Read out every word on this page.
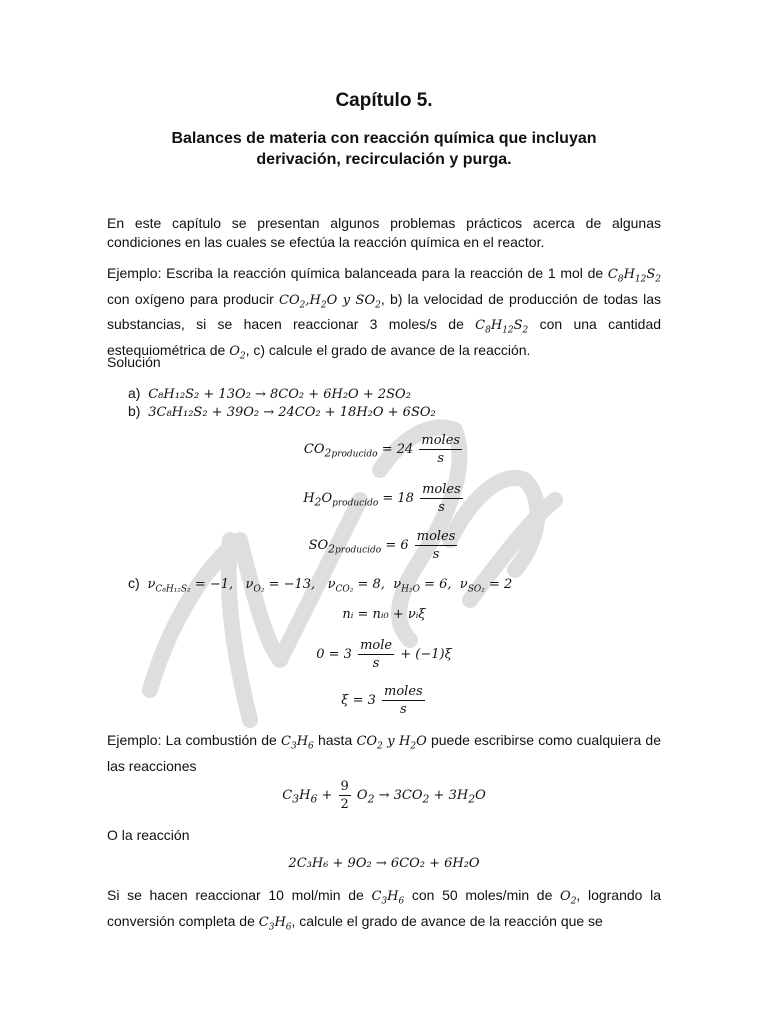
Capítulo 5.
Balances de materia con reacción química que incluyan
derivación, recirculación y purga.
En este capítulo se presentan algunos problemas prácticos acerca de algunas condiciones en las cuales se efectúa la reacción química en el reactor.
Ejemplo: Escriba la reacción química balanceada para la reacción de 1 mol de $C_8H_{12}S_2$ con oxígeno para producir $CO_2,H_2O$ y $SO_2$, b) la velocidad de producción de todas las substancias, si se hacen reaccionar 3 moles/s de $C_8H_{12}S_2$ con una cantidad estequiométrica de $O_2$, c) calcule el grado de avance de la reacción.
Solución
a) C₈H₁₂S₂ + 13O₂ → 8CO₂ + 6H₂O + 2SO₂
b) 3C₈H₁₂S₂ + 39O₂ → 24CO₂ + 18H₂O + 6SO₂
$CO_{2producido} = 24 \frac{\text{moles}}{s}$
$H_2O_{producido} = 18 \frac{\text{moles}}{s}$
$SO_{2producido} = 6 \frac{\text{moles}}{s}$
c) $\nu_{C_8H_{12}S_2} = -1$,   $\nu_{O_2} = -13$,   $\nu_{CO_2} = 8$,  $\nu_{H_2O} = 6$,  $\nu_{SO_2} = 2$
nᵢ = nᵢ₀ + νᵢξ
$0 = 3 \frac{\text{mole}}{s} + (-1)\xi$
$\xi = 3 \frac{\text{moles}}{s}$
Ejemplo: La combustión de $C_3H_6$ hasta $CO_2$ y $H_2O$ puede escribirse como cualquiera de las reacciones
$C_3H_6 + \frac{9}{2} O_2 \to 3CO_2 + 3H_2O$
O la reacción
2C₃H₆ + 9O₂ → 6CO₂ + 6H₂O
Si se hacen reaccionar 10 mol/min de $C_3H_6$ con 50 moles/min de $O_2$, logrando la conversión completa de $C_3H_6$, calcule el grado de avance de la reacción que se
